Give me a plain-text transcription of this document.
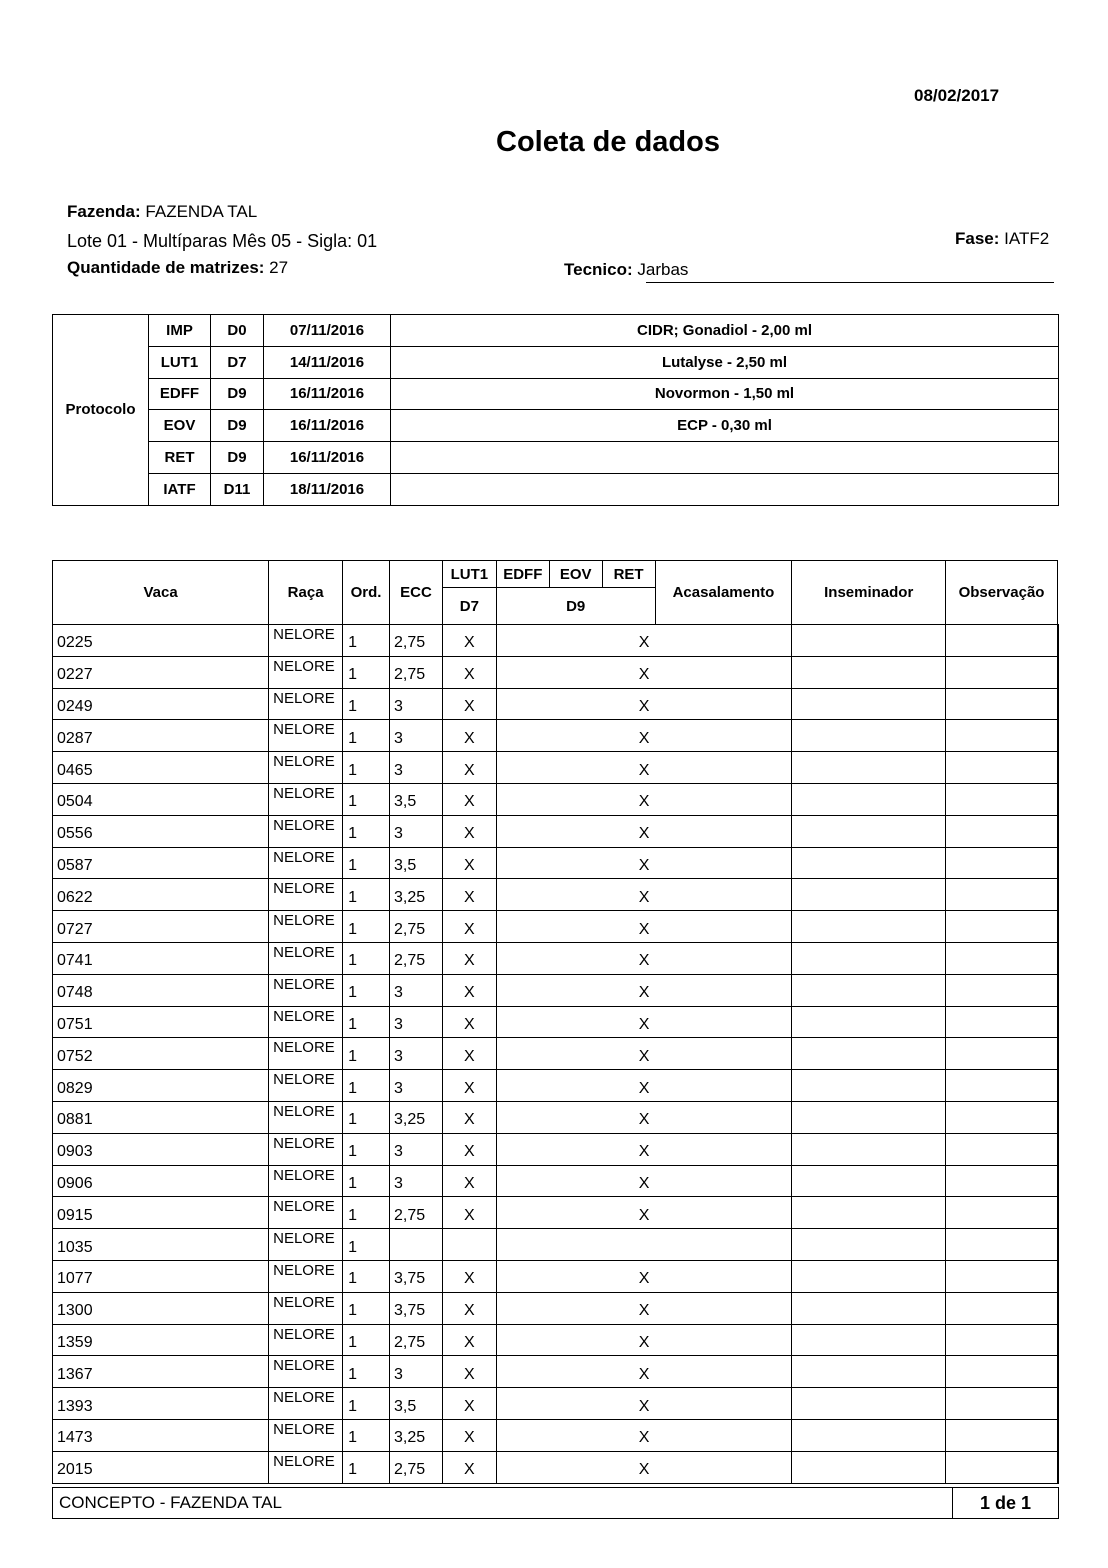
08/02/2017
Coleta de dados
Fazenda: FAZENDA TAL
Lote 01 - Multíparas Mês 05 - Sigla: 01
Quantidade de matrizes: 27
Fase: IATF2
Tecnico: Jarbas
Protocolo	IMP	D0	07/11/2016	CIDR; Gonadiol - 2,00 ml
	LUT1	D7	14/11/2016	Lutalyse - 2,50 ml
	EDFF	D9	16/11/2016	Novormon - 1,50 ml
	EOV	D9	16/11/2016	ECP - 0,30 ml
	RET	D9	16/11/2016	
	IATF	D11	18/11/2016	
Vaca	Raça	Ord.	ECC	LUT1	EDFF	EOV	RET	Acasalamento	Inseminador	Observação	
				D7	D9						
0225	NELORE	1	2,75	X	X						
0227	NELORE	1	2,75	X	X						
0249	NELORE	1	3	X	X						
0287	NELORE	1	3	X	X						
0465	NELORE	1	3	X	X						
0504	NELORE	1	3,5	X	X						
0556	NELORE	1	3	X	X						
0587	NELORE	1	3,5	X	X						
0622	NELORE	1	3,25	X	X						
0727	NELORE	1	2,75	X	X						
0741	NELORE	1	2,75	X	X						
0748	NELORE	1	3	X	X						
0751	NELORE	1	3	X	X						
0752	NELORE	1	3	X	X						
0829	NELORE	1	3	X	X						
0881	NELORE	1	3,25	X	X						
0903	NELORE	1	3	X	X						
0906	NELORE	1	3	X	X						
0915	NELORE	1	2,75	X	X						
1035	NELORE	1									
1077	NELORE	1	3,75	X	X						
1300	NELORE	1	3,75	X	X						
1359	NELORE	1	2,75	X	X						
1367	NELORE	1	3	X	X						
1393	NELORE	1	3,5	X	X						
1473	NELORE	1	3,25	X	X						
2015	NELORE	1	2,75	X	X						
CONCEPTO - FAZENDA TAL	1 de 1
